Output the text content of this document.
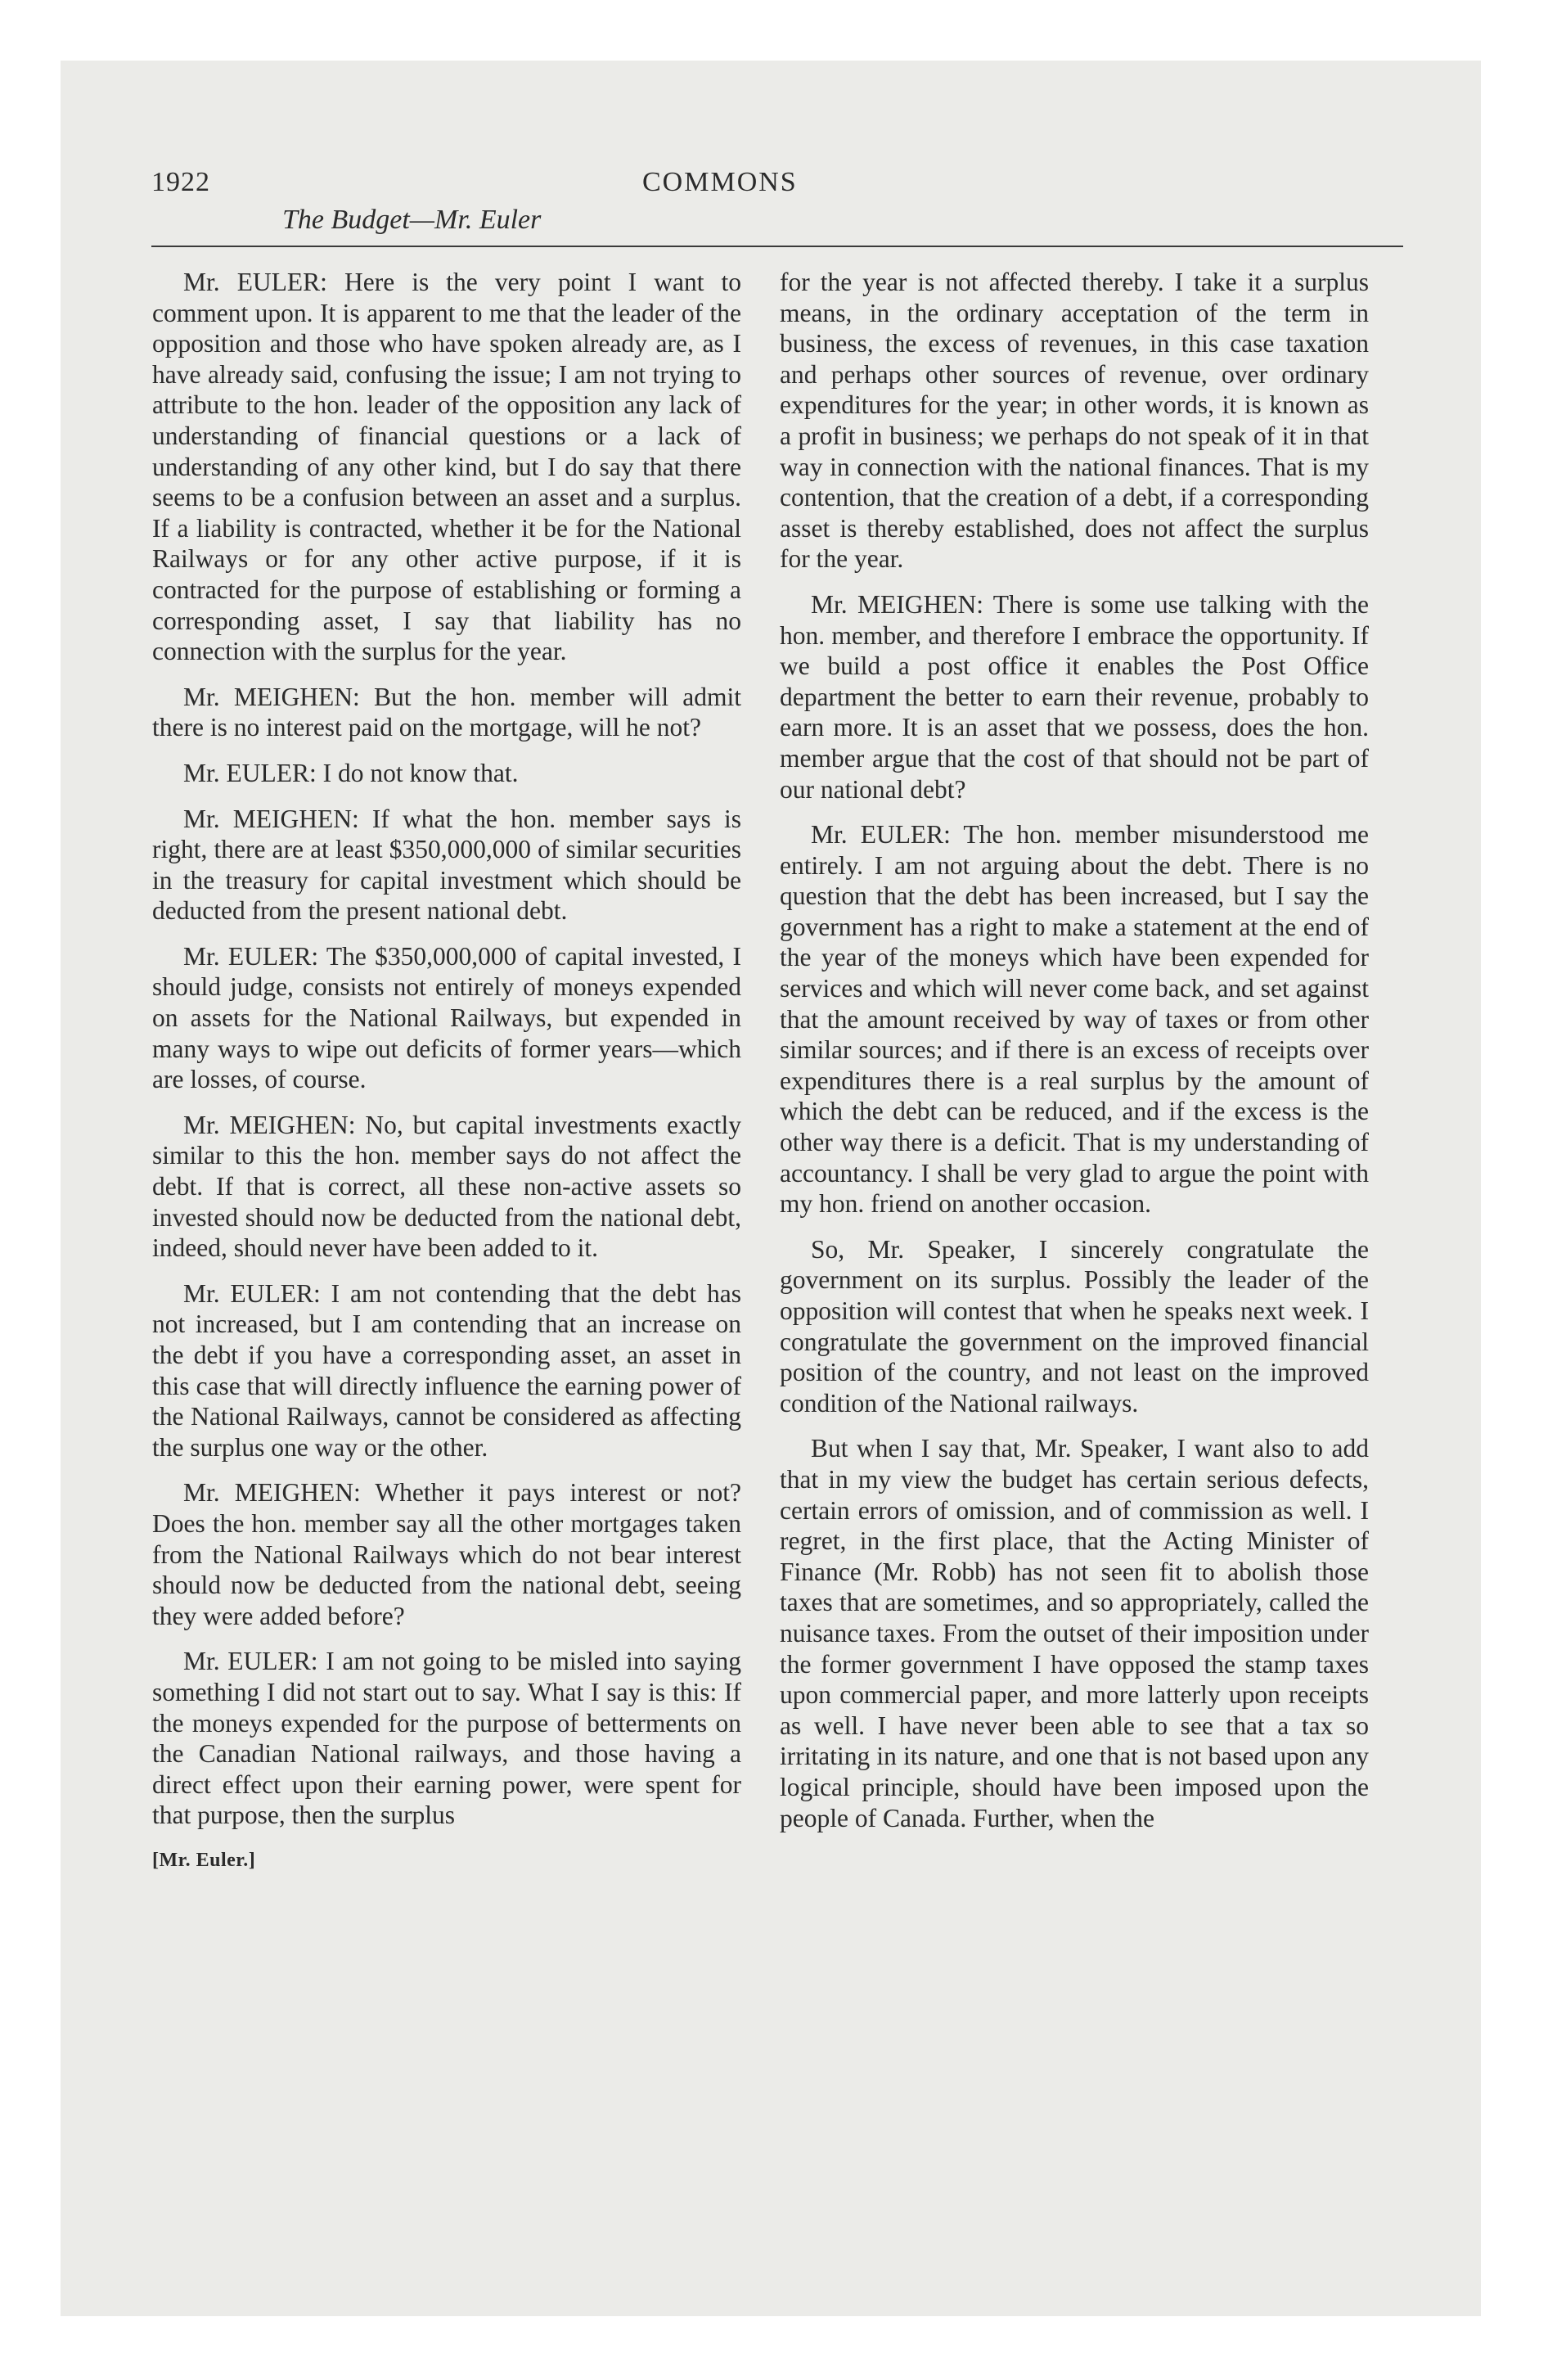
1922	COMMONS
The Budget—Mr. Euler

Mr. EULER: Here is the very point I want to comment upon. It is apparent to me that the leader of the opposition and those who have spoken already are, as I have already said, confusing the issue; I am not trying to attribute to the hon. leader of the opposition any lack of understanding of financial questions or a lack of understanding of any other kind, but I do say that there seems to be a confusion between an asset and a surplus. If a liability is contracted, whether it be for the National Railways or for any other active purpose, if it is contracted for the purpose of establishing or forming a corresponding asset, I say that liability has no connection with the surplus for the year.

Mr. MEIGHEN: But the hon. member will admit there is no interest paid on the mortgage, will he not?

Mr. EULER: I do not know that.

Mr. MEIGHEN: If what the hon. member says is right, there are at least $350,000,000 of similar securities in the treasury for capital investment which should be deducted from the present national debt.

Mr. EULER: The $350,000,000 of capital invested, I should judge, consists not entirely of moneys expended on assets for the National Railways, but expended in many ways to wipe out deficits of former years—which are losses, of course.

Mr. MEIGHEN: No, but capital investments exactly similar to this the hon. member says do not affect the debt. If that is correct, all these non-active assets so invested should now be deducted from the national debt, indeed, should never have been added to it.

Mr. EULER: I am not contending that the debt has not increased, but I am contending that an increase on the debt if you have a corresponding asset, an asset in this case that will directly influence the earning power of the National Railways, cannot be considered as affecting the surplus one way or the other.

Mr. MEIGHEN: Whether it pays interest or not? Does the hon. member say all the other mortgages taken from the National Railways which do not bear interest should now be deducted from the national debt, seeing they were added before?

Mr. EULER: I am not going to be misled into saying something I did not start out to say. What I say is this: If the moneys expended for the purpose of betterments on the Canadian National railways, and those having a direct effect upon their earning power, were spent for that purpose, then the surplus

[Mr. Euler.]

for the year is not affected thereby. I take it a surplus means, in the ordinary acceptation of the term in business, the excess of revenues, in this case taxation and perhaps other sources of revenue, over ordinary expenditures for the year; in other words, it is known as a profit in business; we perhaps do not speak of it in that way in connection with the national finances. That is my contention, that the creation of a debt, if a corresponding asset is thereby established, does not affect the surplus for the year.

Mr. MEIGHEN: There is some use talking with the hon. member, and therefore I embrace the opportunity. If we build a post office it enables the Post Office department the better to earn their revenue, probably to earn more. It is an asset that we possess, does the hon. member argue that the cost of that should not be part of our national debt?

Mr. EULER: The hon. member misunderstood me entirely. I am not arguing about the debt. There is no question that the debt has been increased, but I say the government has a right to make a statement at the end of the year of the moneys which have been expended for services and which will never come back, and set against that the amount received by way of taxes or from other similar sources; and if there is an excess of receipts over expenditures there is a real surplus by the amount of which the debt can be reduced, and if the excess is the other way there is a deficit. That is my understanding of accountancy. I shall be very glad to argue the point with my hon. friend on another occasion.

So, Mr. Speaker, I sincerely congratulate the government on its surplus. Possibly the leader of the opposition will contest that when he speaks next week. I congratulate the government on the improved financial position of the country, and not least on the improved condition of the National railways.

But when I say that, Mr. Speaker, I want also to add that in my view the budget has certain serious defects, certain errors of omission, and of commission as well. I regret, in the first place, that the Acting Minister of Finance (Mr. Robb) has not seen fit to abolish those taxes that are sometimes, and so appropriately, called the nuisance taxes. From the outset of their imposition under the former government I have opposed the stamp taxes upon commercial paper, and more latterly upon receipts as well. I have never been able to see that a tax so irritating in its nature, and one that is not based upon any logical principle, should have been imposed upon the people of Canada. Further, when the
